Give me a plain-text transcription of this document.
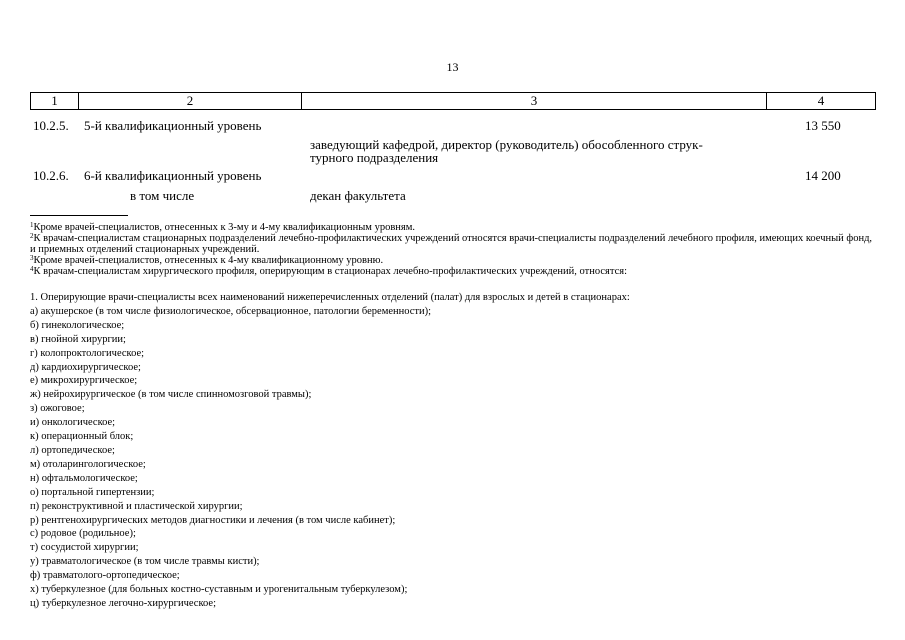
13
1	2	3	4
10.2.5. 5-й квалификационный уровень	13 550
заведующий кафедрой, директор (руководитель) обособленного струк-
турного подразделения
10.2.6. 6-й квалификационный уровень	14 200
в том числе	декан факультета

$^1$Кроме врачей-специалистов, отнесенных к 3-му и 4-му квалификационным уровням.

$^2$К врачам-специалистам стационарных подразделений лечебно-профилактических учреждений относятся врачи-специалисты подразделений лечебного профиля, имеющих коечный фонд, и приемных отделений стационарных учреждений.

$^3$Кроме врачей-специалистов, отнесенных к 4-му квалификационному уровню.

$^4$К врачам-специалистам хирургического профиля, оперирующим в стационарах лечебно-профилактических учреждений, относятся:

1. Оперирующие врачи-специалисты всех наименований нижеперечисленных отделений (палат) для взрослых и детей в стационарах:
а) акушерское (в том числе физиологическое, обсервационное, патологии беременности);
б) гинекологическое;
в) гнойной хирургии;
г) колопроктологическое;
д) кардиохирургическое;
е) микрохирургическое;
ж) нейрохирургическое (в том числе спинномозговой травмы);
з) ожоговое;
и) онкологическое;
к) операционный блок;
л) ортопедическое;
м) отоларингологическое;
н) офтальмологическое;
о) портальной гипертензии;
п) реконструктивной и пластической хирургии;
р) рентгенохирургических методов диагностики и лечения (в том числе кабинет);
с) родовое (родильное);
т) сосудистой хирургии;
у) травматологическое (в том числе травмы кисти);
ф) травматолого-ортопедическое;
х) туберкулезное (для больных костно-суставным и урогенитальным туберкулезом);
ц) туберкулезное легочно-хирургическое;
